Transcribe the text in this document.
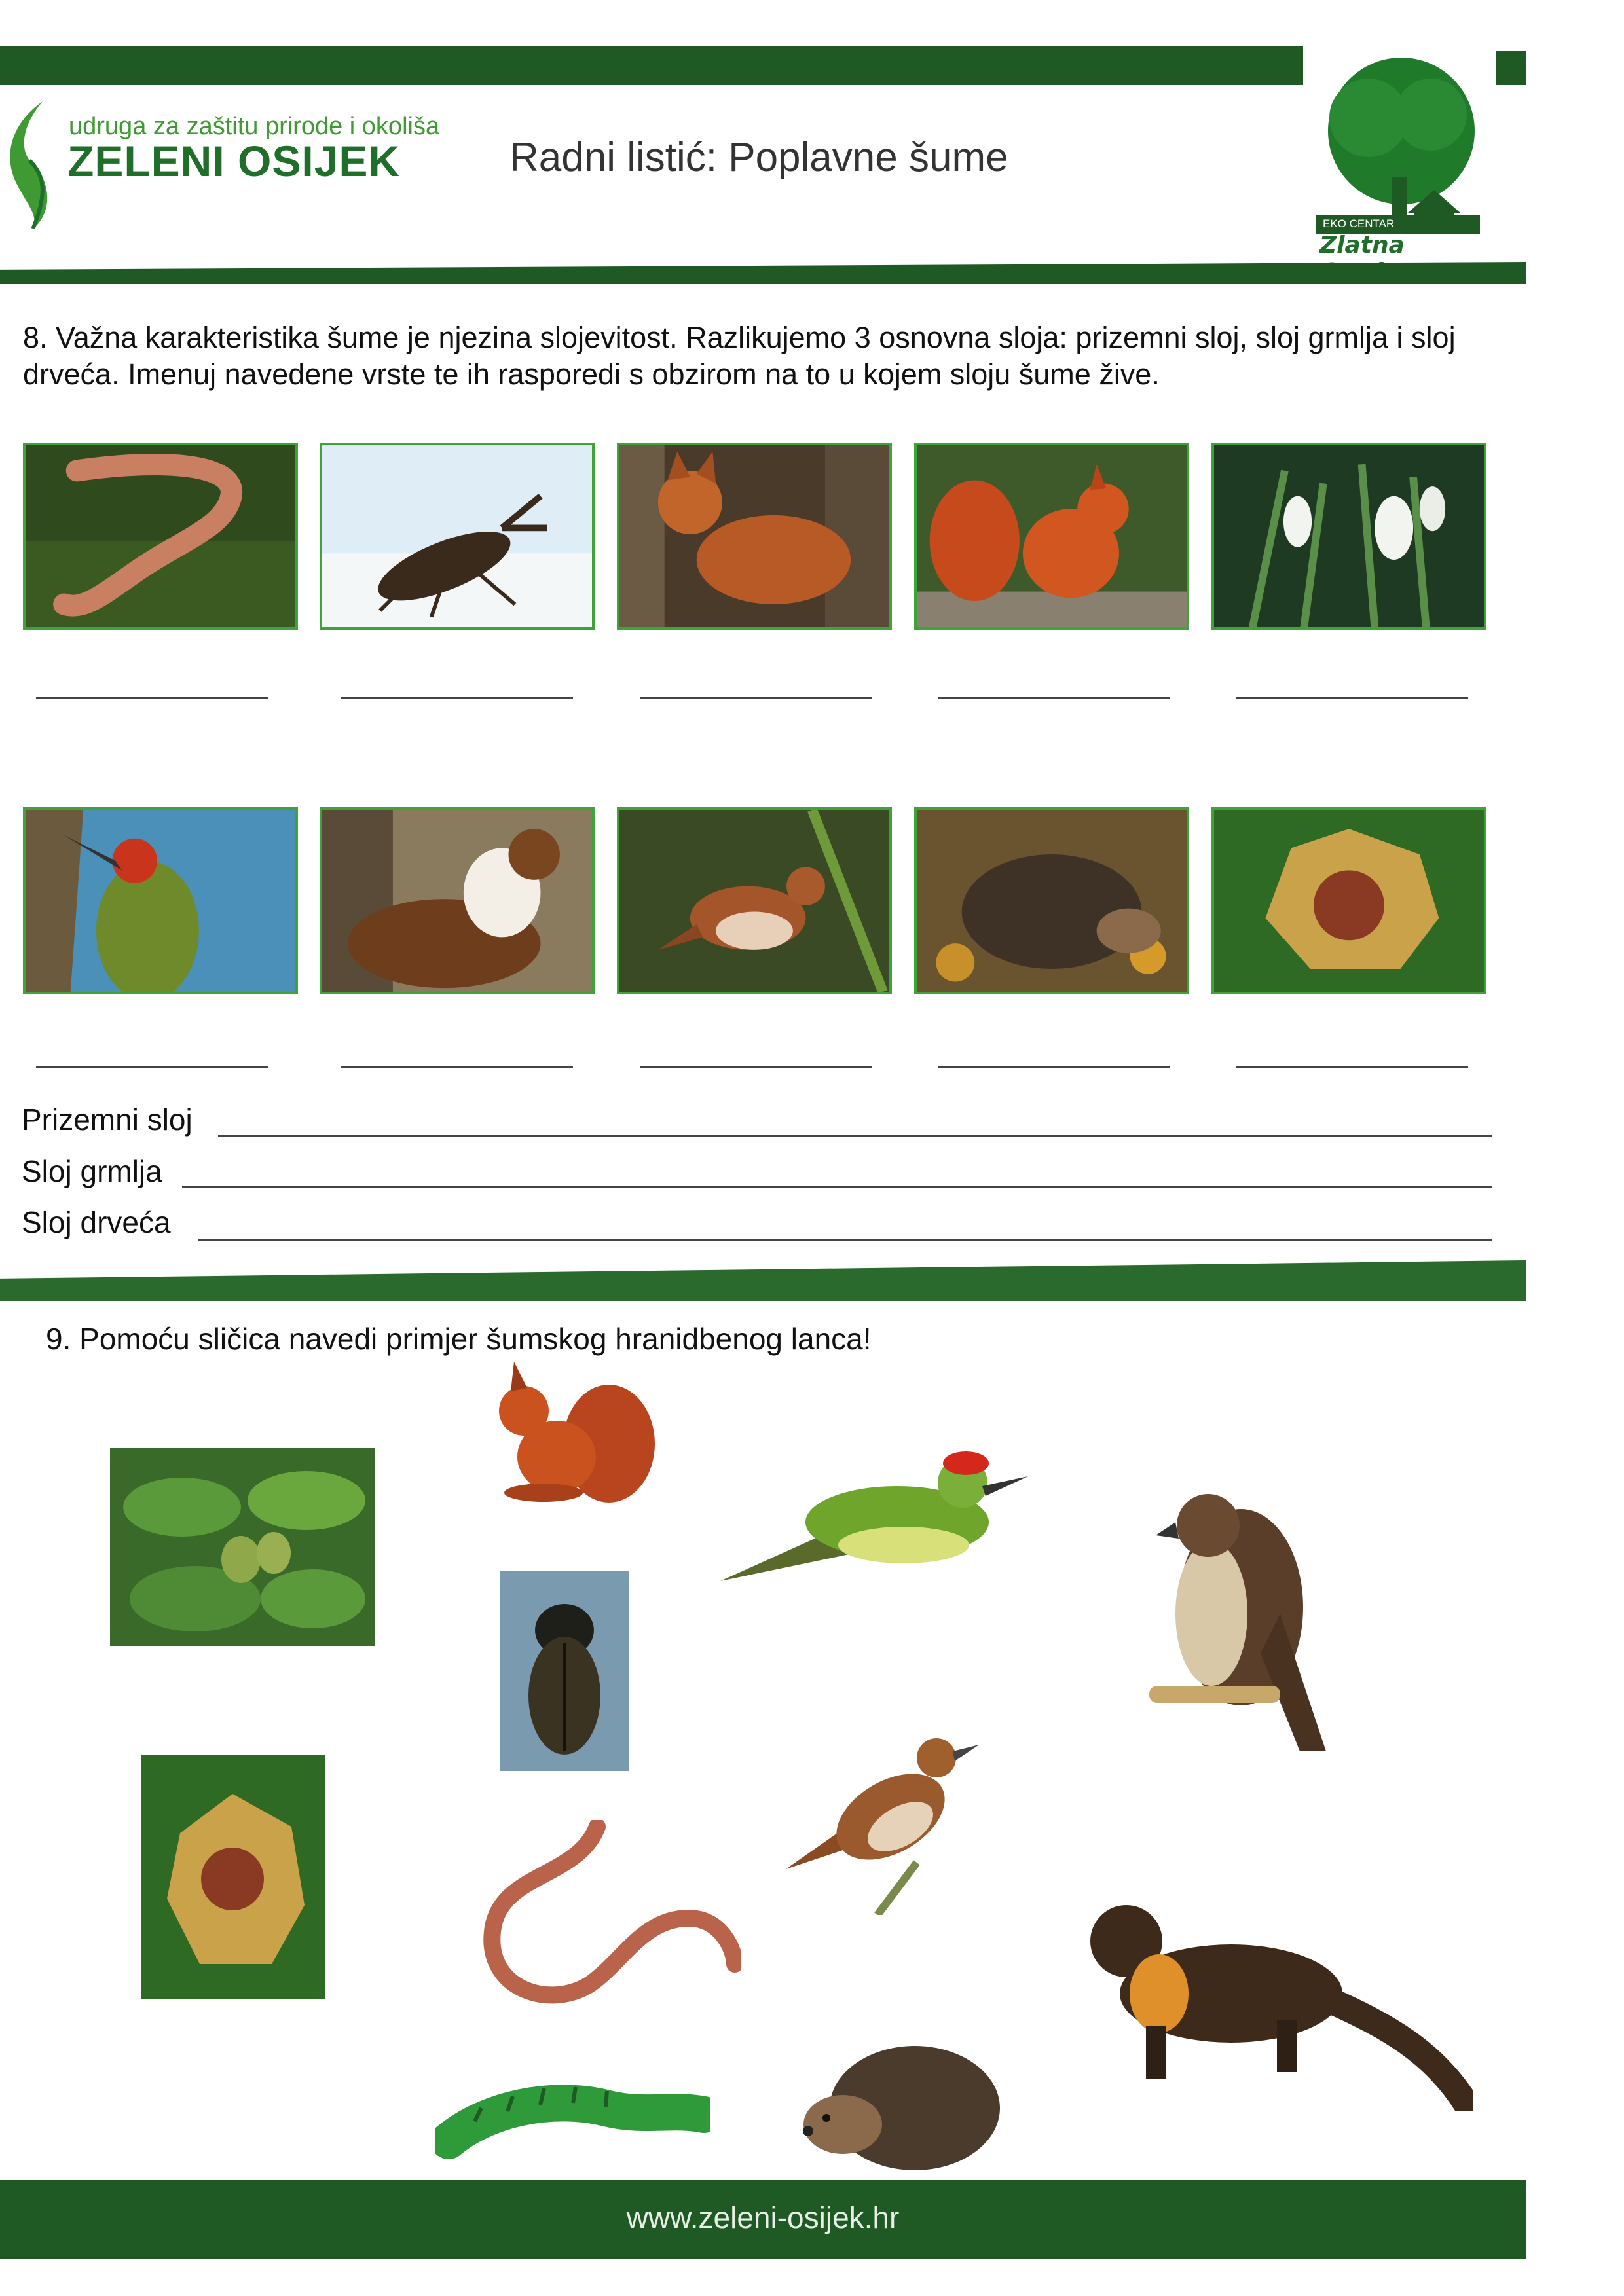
udruga za zaštitu prirode i okoliša
ZELENI OSIJEK	Radni listić: Poplavne šume
EKO CENTAR
Zlatna
8. Važna karakteristika šume je njezina slojevitost. Razlikujemo 3 osnovna sloja: prizemni sloj, sloj grmlja i sloj drveća. Imenuj navedene vrste te ih rasporedi s obzirom na to u kojem sloju šume žive.
Prizemni sloj
Sloj grmlja
Sloj drveća
9. Pomoću sličica navedi primjer šumskog hranidbenog lanca!
www.zeleni-osijek.hr
